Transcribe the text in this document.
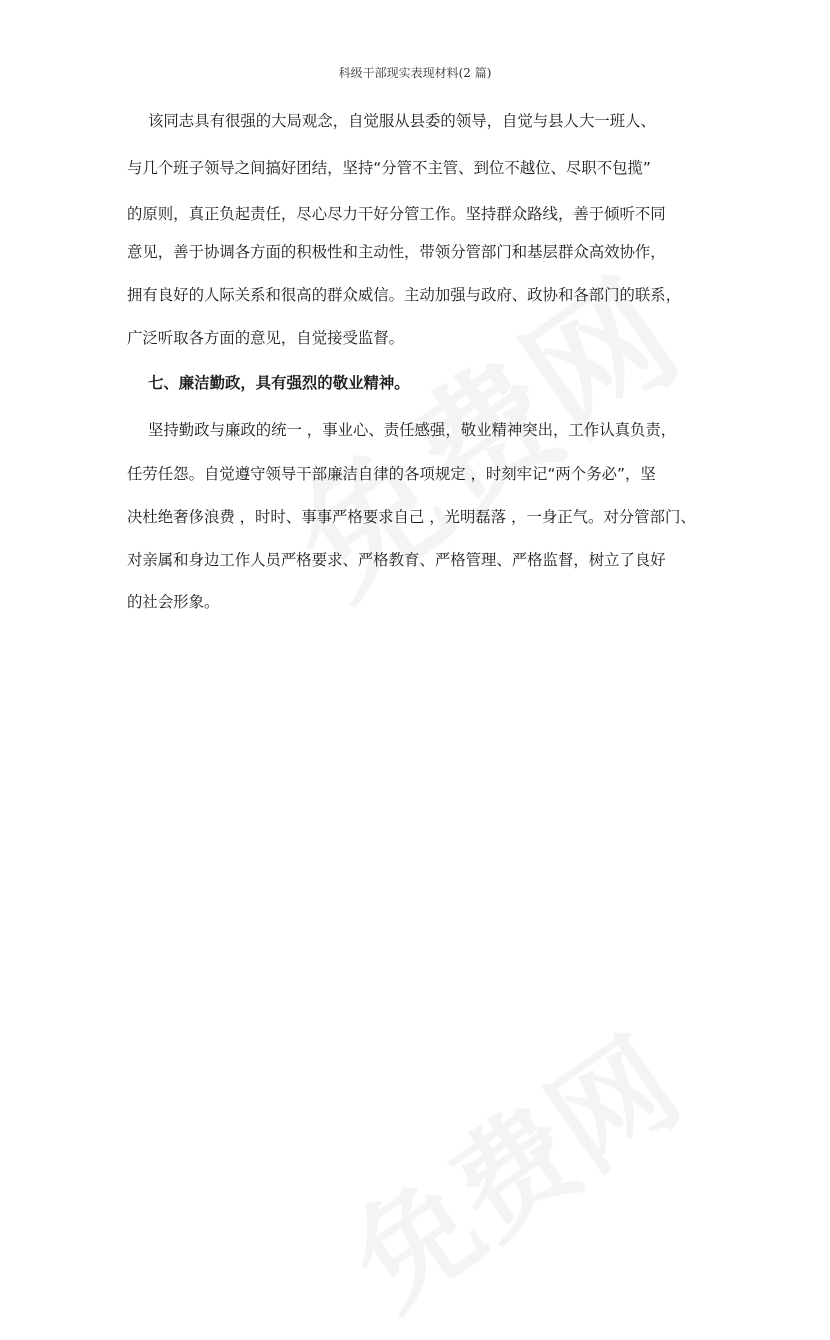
科级干部现实表现材料(2 篇)
该同志具有很强的大局观念，自觉服从县委的领导，自觉与县人大一班人、
与几个班子领导之间搞好团结，坚持“分管不主管、到位不越位、尽职不包揽”
的原则，真正负起责任，尽心尽力干好分管工作。坚持群众路线，善于倾听不同
意见，善于协调各方面的积极性和主动性，带领分管部门和基层群众高效协作，
拥有良好的人际关系和很高的群众威信。主动加强与政府、政协和各部门的联系，
广泛听取各方面的意见，自觉接受监督。
七、廉洁勤政，具有强烈的敬业精神。
坚持勤政与廉政的统一 ，事业心、责任感强，敬业精神突出，工作认真负责，
任劳任怨。自觉遵守领导干部廉洁自律的各项规定 ，时刻牢记“两个务必”，坚
决杜绝奢侈浪费 ，时时、事事严格要求自己 ，光明磊落 ，一身正气。对分管部门、
对亲属和身边工作人员严格要求、严格教育、严格管理、严格监督，树立了良好
的社会形象。
